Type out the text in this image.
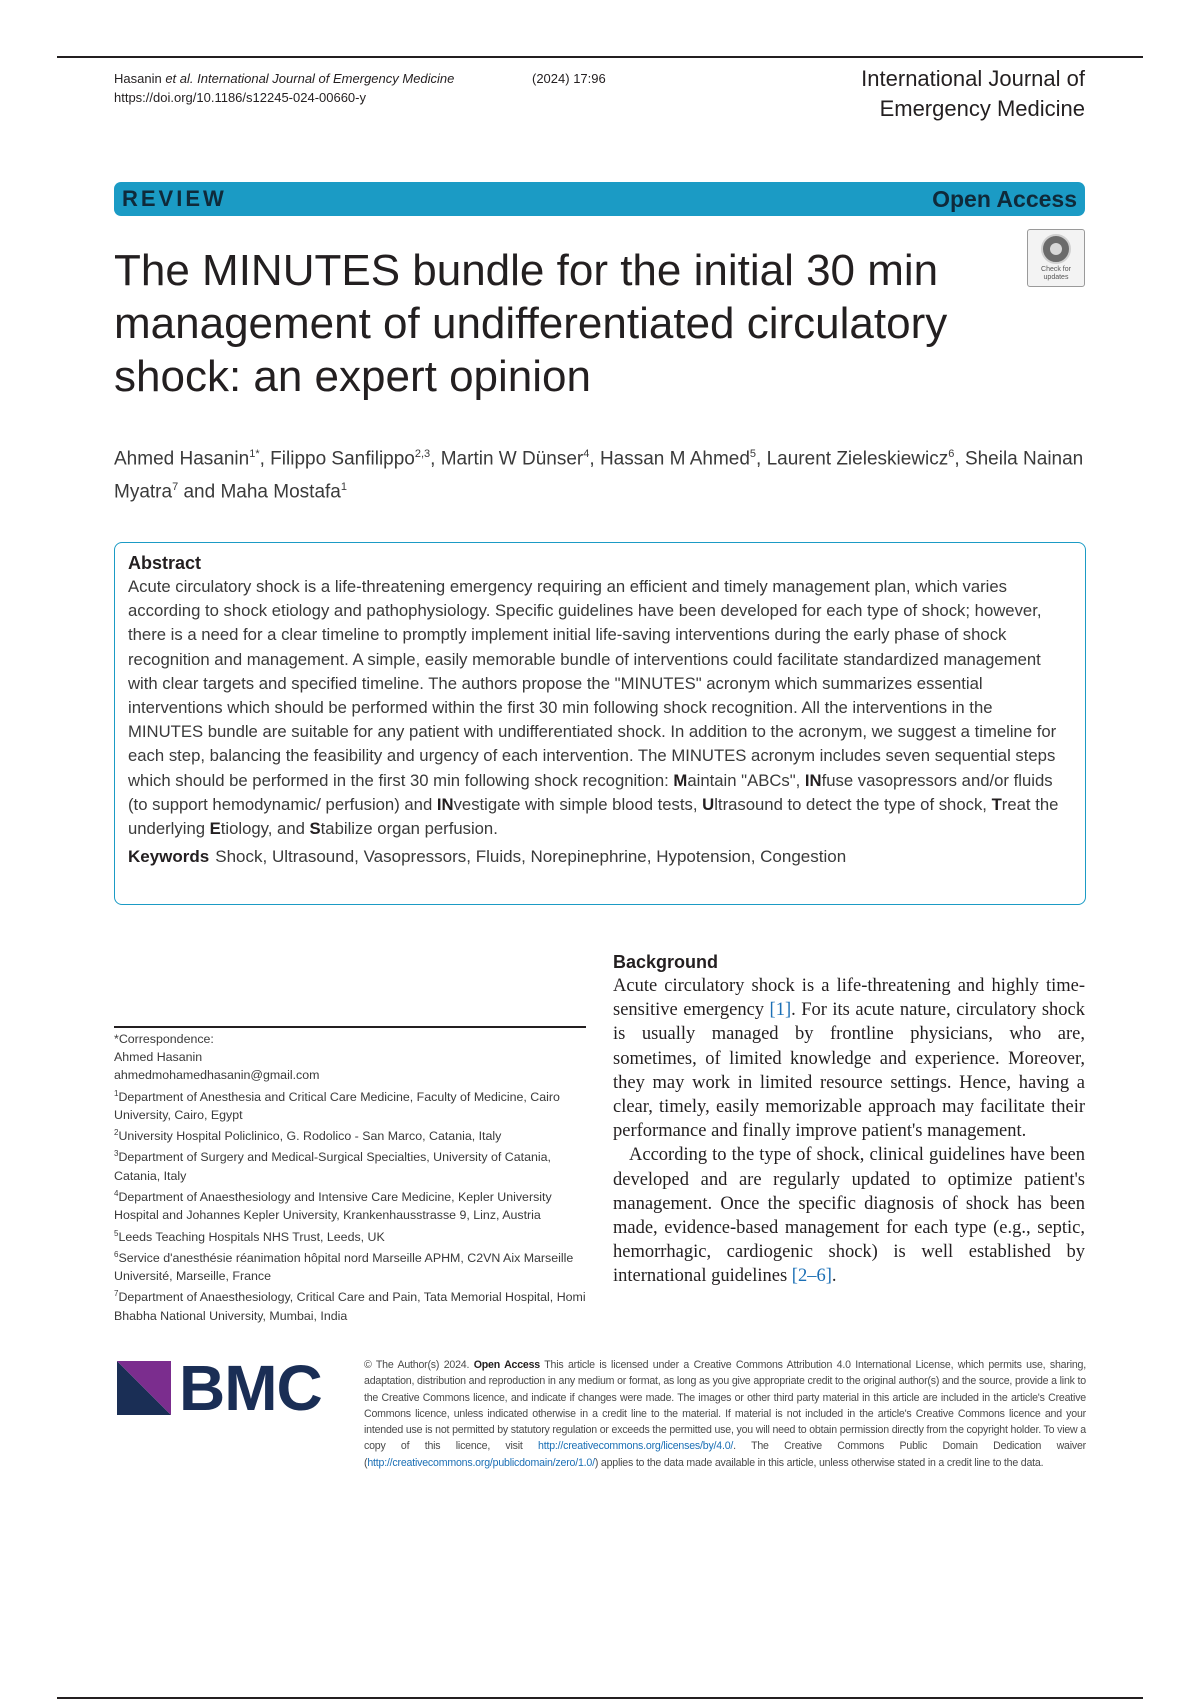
Hasanin et al. International Journal of Emergency Medicine	(2024) 17:96
https://doi.org/10.1186/s12245-024-00660-y
International Journal of
Emergency Medicine
REVIEW	Open Access
Check for updates
The MINUTES bundle for the initial 30 min management of undifferentiated circulatory shock: an expert opinion
Ahmed Hasanin$^{1*}$, Filippo Sanfilippo$^{2,3}$, Martin W Dünser$^4$, Hassan M Ahmed$^5$, Laurent Zieleskiewicz$^6$, Sheila Nainan Myatra$^7$ and Maha Mostafa$^1$
Abstract
Acute circulatory shock is a life-threatening emergency requiring an efficient and timely management plan, which varies according to shock etiology and pathophysiology. Specific guidelines have been developed for each type of shock; however, there is a need for a clear timeline to promptly implement initial life-saving interventions during the early phase of shock recognition and management. A simple, easily memorable bundle of interventions could facilitate standardized management with clear targets and specified timeline. The authors propose the "MINUTES" acronym which summarizes essential interventions which should be performed within the first 30 min following shock recognition. All the interventions in the MINUTES bundle are suitable for any patient with undifferentiated shock. In addition to the acronym, we suggest a timeline for each step, balancing the feasibility and urgency of each intervention. The MINUTES acronym includes seven sequential steps which should be performed in the first 30 min following shock recognition: Maintain "ABCs", INfuse vasopressors and/or fluids (to support hemodynamic/ perfusion) and INvestigate with simple blood tests, Ultrasound to detect the type of shock, Treat the underlying Etiology, and Stabilize organ perfusion.
Keywords Shock, Ultrasound, Vasopressors, Fluids, Norepinephrine, Hypotension, Congestion
*Correspondence:
Ahmed Hasanin
ahmedmohamedhasanin@gmail.com
$^1$Department of Anesthesia and Critical Care Medicine, Faculty of Medicine, Cairo University, Cairo, Egypt
$^2$University Hospital Policlinico, G. Rodolico - San Marco, Catania, Italy
$^3$Department of Surgery and Medical-Surgical Specialties, University of Catania, Catania, Italy
$^4$Department of Anaesthesiology and Intensive Care Medicine, Kepler University Hospital and Johannes Kepler University, Krankenhausstrasse 9, Linz, Austria
$^5$Leeds Teaching Hospitals NHS Trust, Leeds, UK
$^6$Service d'anesthésie réanimation hôpital nord Marseille APHM, C2VN Aix Marseille Université, Marseille, France
$^7$Department of Anaesthesiology, Critical Care and Pain, Tata Memorial Hospital, Homi Bhabha National University, Mumbai, India
Background

Acute circulatory shock is a life-threatening and highly time-sensitive emergency [1]. For its acute nature, circulatory shock is usually managed by frontline physicians, who are, sometimes, of limited knowledge and experience. Moreover, they may work in limited resource settings. Hence, having a clear, timely, easily memorizable approach may facilitate their performance and finally improve patient's management.

According to the type of shock, clinical guidelines have been developed and are regularly updated to optimize patient's management. Once the specific diagnosis of shock has been made, evidence-based management for each type (e.g., septic, hemorrhagic, cardiogenic shock) is well established by international guidelines [2–6].

BMC	© The Author(s) 2024. Open Access This article is licensed under a Creative Commons Attribution 4.0 International License, which permits use, sharing, adaptation, distribution and reproduction in any medium or format, as long as you give appropriate credit to the original author(s) and the source, provide a link to the Creative Commons licence, and indicate if changes were made. The images or other third party material in this article are included in the article's Creative Commons licence, unless indicated otherwise in a credit line to the material. If material is not included in the article's Creative Commons licence and your intended use is not permitted by statutory regulation or exceeds the permitted use, you will need to obtain permission directly from the copyright holder. To view a copy of this licence, visit http://creativecommons.org/licenses/by/4.0/. The Creative Commons Public Domain Dedication waiver (http://creativecommons.org/publicdomain/zero/1.0/) applies to the data made available in this article, unless otherwise stated in a credit line to the data.
